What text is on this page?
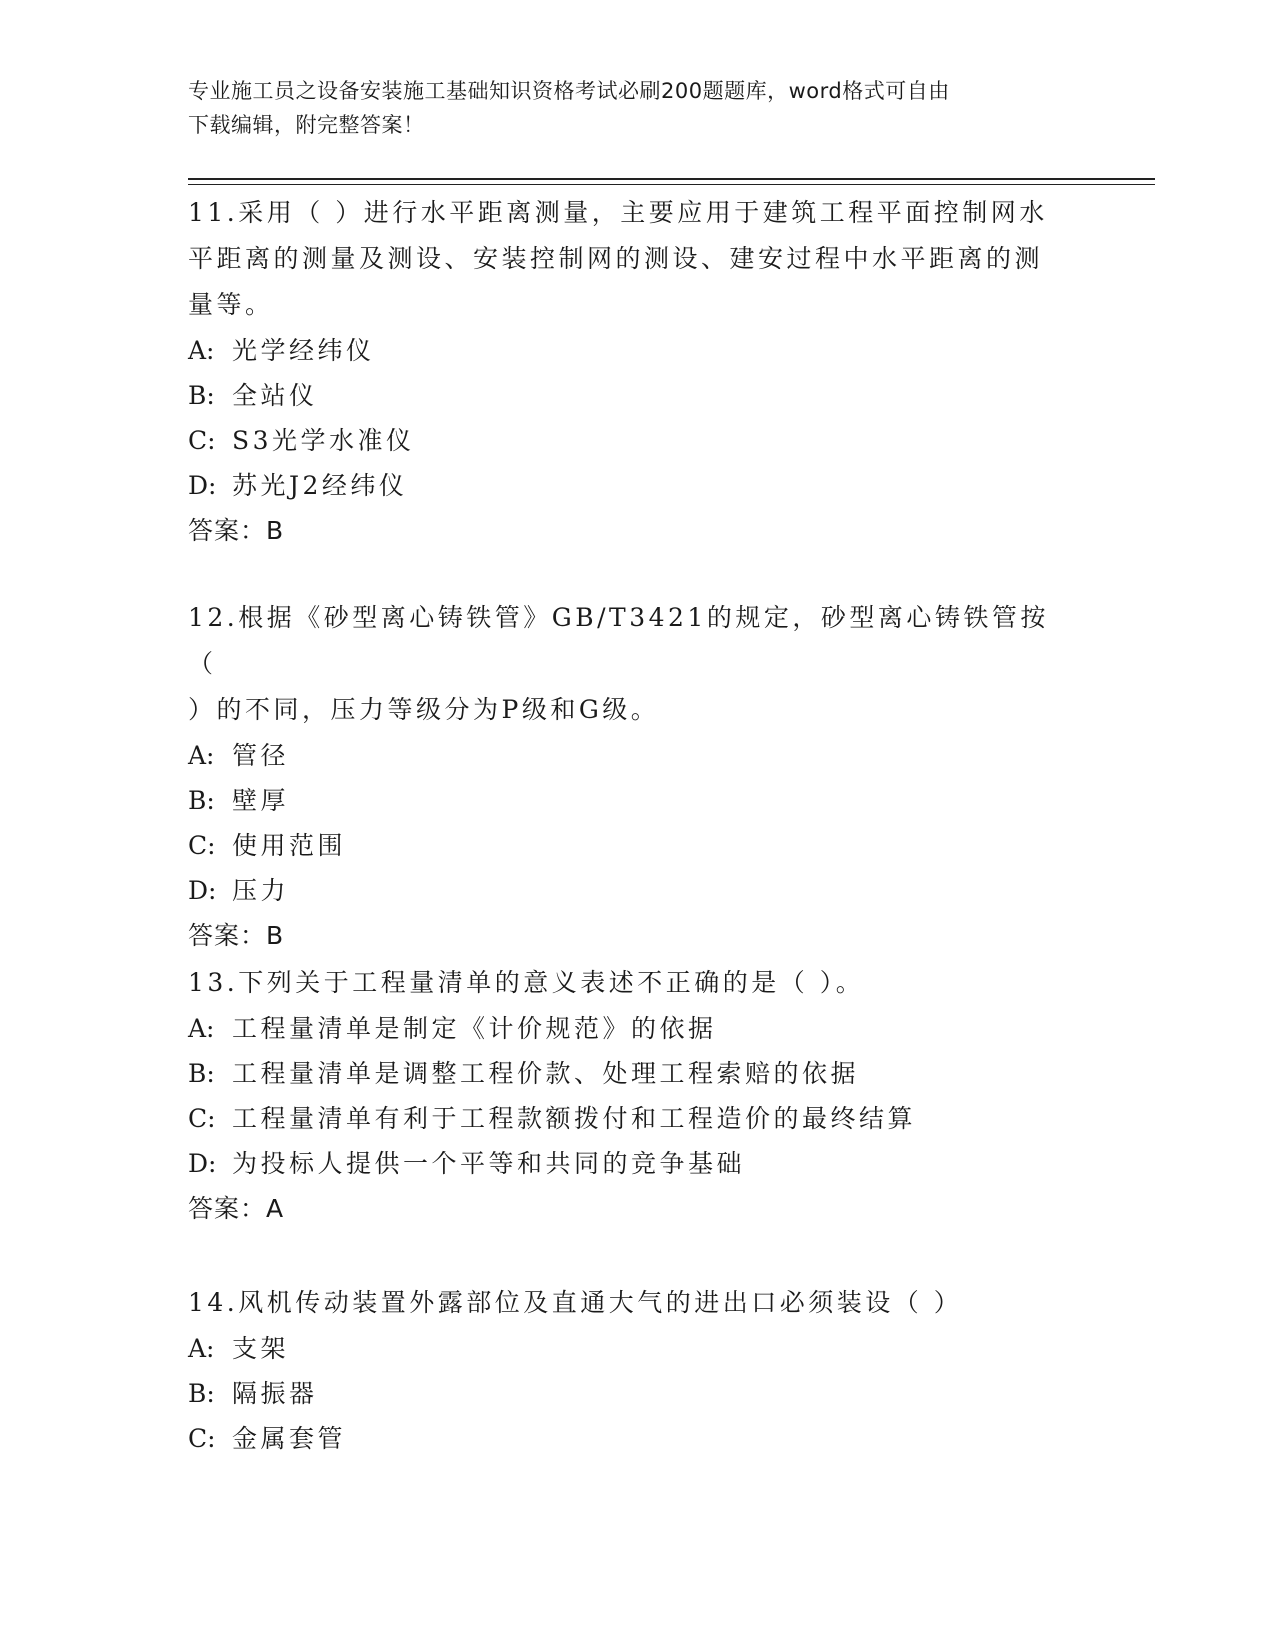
专业施工员之设备安装施工基础知识资格考试必刷200题题库，word格式可自由
下载编辑，附完整答案！
11.采用（ ）进行水平距离测量，主要应用于建筑工程平面控制网水
平距离的测量及测设、安装控制网的测设、建安过程中水平距离的测
量等。
A: 光学经纬仪
B: 全站仪
C: S3光学水准仪
D: 苏光J2经纬仪
答案：B
12.根据《砂型离心铸铁管》GB/T3421的规定，砂型离心铸铁管按（
）的不同，压力等级分为P级和G级。
A: 管径
B: 壁厚
C: 使用范围
D: 压力
答案：B
13.下列关于工程量清单的意义表述不正确的是（ ）。
A: 工程量清单是制定《计价规范》的依据
B: 工程量清单是调整工程价款、处理工程索赔的依据
C: 工程量清单有利于工程款额拨付和工程造价的最终结算
D: 为投标人提供一个平等和共同的竞争基础
答案：A
14.风机传动装置外露部位及直通大气的进出口必须装设（ ）
A: 支架
B: 隔振器
C: 金属套管
